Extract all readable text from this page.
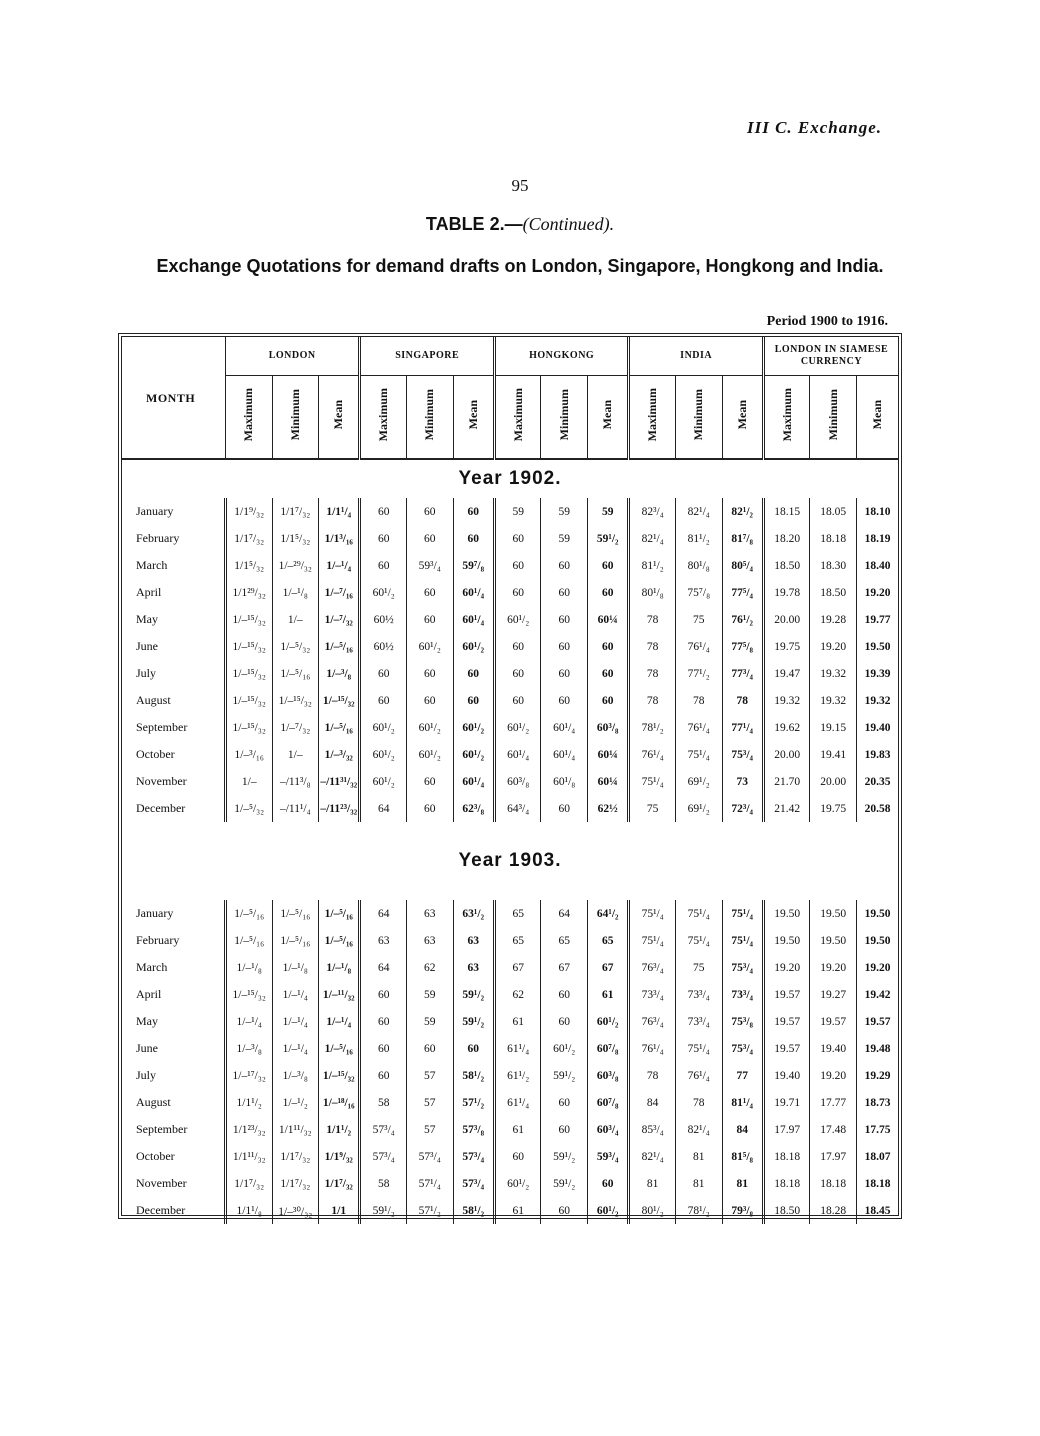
III C. Exchange.
95
TABLE 2.—(Continued).
Exchange Quotations for demand drafts on London, Singapore, Hongkong and India.
Period 1900 to 1916.
MONTH	LONDON			SINGAPORE			HONGKONG			INDIA			LONDON IN SIAMESE CURRENCY		
	Maximum	Minimum	Mean	Maximum	Minimum	Mean	Maximum	Minimum	Mean	Maximum	Minimum	Mean	Maximum	Minimum	Mean
Year 1902.															
January	1/1⁹/₃₂	1/1⁷/₃₂	1/1¹/₄	60	60	60	59	59	59	82³/₄	82¹/₄	82¹/₂	18.15	18.05	18.10
February	1/1⁷/₃₂	1/1⁵/₃₂	1/1³/₁₆	60	60	60	60	59	59¹/₂	82¹/₄	81¹/₂	81⁷/₈	18.20	18.18	18.19
March	1/1⁵/₃₂	1/–²⁹/₃₂	1/–¹/₄	60	59³/₄	59⁷/₈	60	60	60	81¹/₂	80¹/₈	80⁵/₄	18.50	18.30	18.40
April	1/1²⁹/₃₂	1/–¹/₈	1/–⁷/₁₆	60¹/₂	60	60¹/₄	60	60	60	80¹/₈	75⁷/₈	77⁵/₄	19.78	18.50	19.20
May	1/–¹⁵/₃₂	1/–	1/–⁷/₃₂	60½	60	60¹/₄	60¹/₂	60	60¼	78	75	76¹/₂	20.00	19.28	19.77
June	1/–¹⁵/₃₂	1/–⁵/₃₂	1/–⁵/₁₆	60½	60¹/₂	60¹/₂	60	60	60	78	76¹/₄	77⁵/₈	19.75	19.20	19.50
July	1/–¹⁵/₃₂	1/–⁵/₁₆	1/–³/₈	60	60	60	60	60	60	78	77¹/₂	77³/₄	19.47	19.32	19.39
August	1/–¹⁵/₃₂	1/–¹⁵/₃₂	1/–¹⁵/₃₂	60	60	60	60	60	60	78	78	78	19.32	19.32	19.32
September	1/–¹⁵/₃₂	1/–⁷/₃₂	1/–⁵/₁₆	60¹/₂	60¹/₂	60¹/₂	60¹/₂	60¹/₄	60³/₈	78¹/₂	76¹/₄	77¹/₄	19.62	19.15	19.40
October	1/–³/₁₆	1/–	1/–³/₃₂	60¹/₂	60¹/₂	60¹/₂	60¹/₄	60¹/₄	60¼	76¹/₄	75¹/₄	75³/₄	20.00	19.41	19.83
November	1/–	–/11³/₈	–/11³¹/₃₂	60¹/₂	60	60¹/₄	60³/₈	60¹/₈	60¼	75¹/₄	69¹/₂	73	21.70	20.00	20.35
December	1/–⁵/₃₂	–/11¹/₄	–/11²³/₃₂	64	60	62³/₈	64³/₄	60	62½	75	69¹/₂	72³/₄	21.42	19.75	20.58
Year 1903.															

January	1/–⁵/₁₆	1/–⁵/₁₆	1/–⁵/₁₆	64	63	63¹/₂	65	64	64¹/₂	75¹/₄	75¹/₄	75¹/₄	19.50	19.50	19.50
February	1/–⁵/₁₆	1/–⁵/₁₆	1/–⁵/₁₆	63	63	63	65	65	65	75¹/₄	75¹/₄	75¹/₄	19.50	19.50	19.50
March	1/–¹/₈	1/–¹/₈	1/–¹/₈	64	62	63	67	67	67	76³/₄	75	75³/₄	19.20	19.20	19.20
April	1/–¹⁵/₃₂	1/–¹/₄	1/–¹¹/₃₂	60	59	59¹/₂	62	60	61	73³/₄	73³/₄	73³/₄	19.57	19.27	19.42
May	1/–¹/₄	1/–¹/₄	1/–¹/₄	60	59	59¹/₂	61	60	60¹/₂	76³/₄	73³/₄	75³/₈	19.57	19.57	19.57
June	1/–³/₈	1/–¹/₄	1/–⁵/₁₆	60	60	60	61¹/₄	60¹/₂	60⁷/₈	76¹/₄	75¹/₄	75³/₄	19.57	19.40	19.48
July	1/–¹⁷/₃₂	1/–³/₈	1/–¹⁵/₃₂	60	57	58¹/₂	61¹/₂	59¹/₂	60³/₈	78	76¹/₄	77	19.40	19.20	19.29
August	1/1¹/₂	1/–¹/₂	1/–¹⁸/₁₆	58	57	57¹/₂	61¹/₄	60	60⁷/₈	84	78	81¹/₄	19.71	17.77	18.73
September	1/1²³/₃₂	1/1¹¹/₃₂	1/1¹/₂	57³/₄	57	57³/₈	61	60	60³/₄	85³/₄	82¹/₄	84	17.97	17.48	17.75
October	1/1¹¹/₃₂	1/1⁷/₃₂	1/1⁹/₃₂	57³/₄	57³/₄	57³/₄	60	59¹/₂	59³/₄	82¹/₄	81	81⁵/₈	18.18	17.97	18.07
November	1/1⁷/₃₂	1/1⁷/₃₂	1/1⁷/₃₂	58	57¹/₄	57³/₄	60¹/₂	59¹/₂	60	81	81	81	18.18	18.18	18.18
December	1/1¹/₈	1/–³⁰/₃₂	1/1	59¹/₂	57¹/₂	58¹/₂	61	60	60¹/₂	80¹/₂	78¹/₂	79³/₈	18.50	18.28	18.45
